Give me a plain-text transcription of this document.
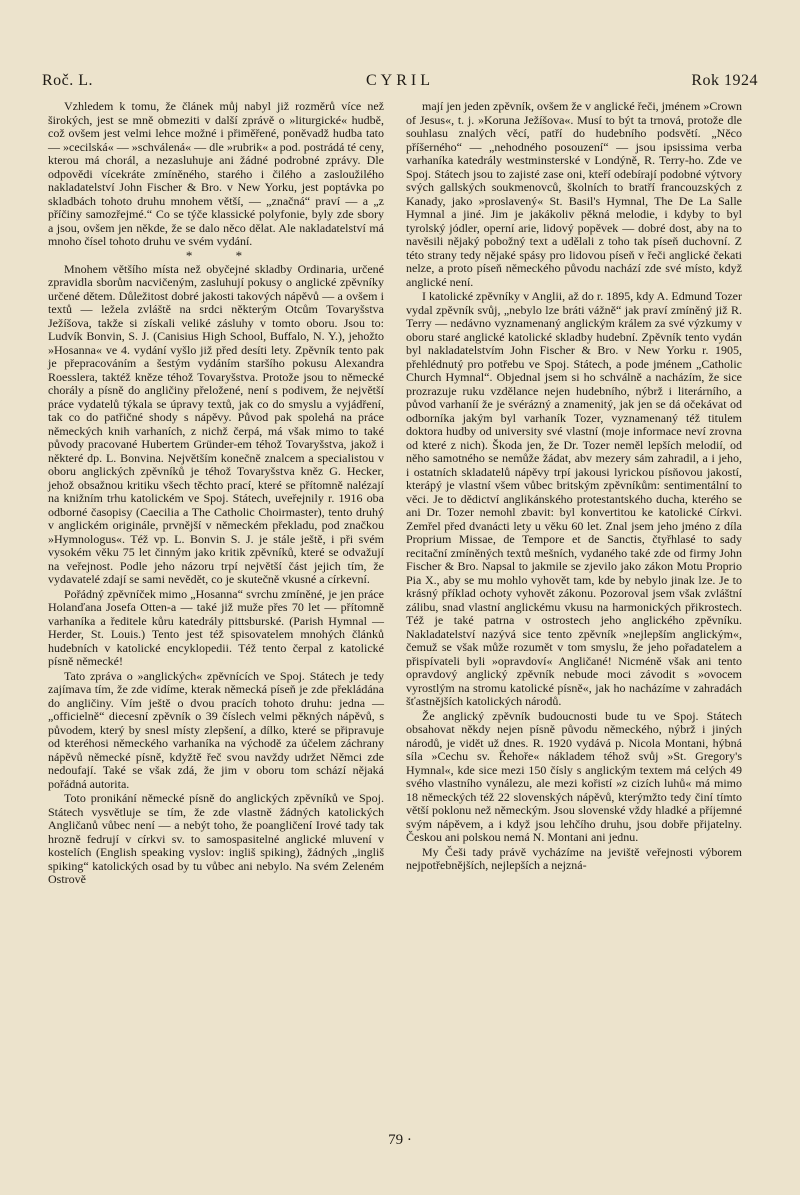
Roč. L.	CYRIL	Rok 1924

Vzhledem k tomu, že článek můj nabyl již rozměrů více než širokých, jest se mně obmeziti v další zprávě o »liturgické« hudbě, což ovšem jest velmi lehce možné i přiměřené, poněvadž hudba tato — »cecilská« — »schválená« — dle »rubrik« a pod. postrádá té ceny, kterou má chorál, a nezasluhuje ani žádné podrobné zprávy. Dle odpovědi vícekráte zmíněného, starého i čilého a zasloužilého nakladatelství John Fischer & Bro. v New Yorku, jest poptávka po skladbách tohoto druhu mnohem větší, — „značná“ praví — a „z příčiny samozřejmé.“ Co se týče klassické polyfonie, byly zde sbory a jsou, ovšem jen někde, že se dalo něco dělat. Ale nakladatelství má mnoho čísel tohoto druhu ve svém vydání.

* *

Mnohem většího místa než obyčejné skladby Ordinaria, určené zpravidla sborům nacvičeným, zasluhují pokusy o anglické zpěvníky určené dětem. Důležitost dobré jakosti takových nápěvů — a ovšem i textů — ležela zvláště na srdci některým Otcům Tovaryšstva Ježíšova, takže si získali veliké zásluhy v tomto oboru. Jsou to: Ludvík Bonvin, S. J. (Canisius High School, Buffalo, N. Y.), jehožto »Hosanna« ve 4. vydání vyšlo již před desíti lety. Zpěvník tento pak je přepracováním a šestým vydáním staršího pokusu Alexandra Roesslera, taktéž kněze téhož Tovaryšstva. Protože jsou to německé chorály a písně do angličiny přeložené, není s podivem, že největší práce vydatelů týkala se úpravy textů, jak co do smyslu a vyjádření, tak co do patřičné shody s nápěvy. Původ pak spolehá na práce německých knih varhaních, z nichž čerpá, má však mimo to také původy pracované Hubertem Gründer-em téhož Tovaryšstva, jakož i některé dp. L. Bonvina. Největším konečně znalcem a specialistou v oboru anglických zpěvníků je téhož Tovaryšstva kněz G. Hecker, jehož obsažnou kritiku všech těchto prací, které se přítomně nalézají na knižním trhu katolickém ve Spoj. Státech, uveřejnily r. 1916 oba odborné časopisy (Caecilia a The Catholic Choirmaster), tento druhý v anglickém originále, prvnější v německém překladu, pod značkou »Hymnologus«. Též vp. L. Bonvin S. J. je stále ještě, i při svém vysokém věku 75 let činným jako kritik zpěvníků, které se odvažují na veřejnost. Podle jeho názoru trpí největší část jejich tím, že vydavatelé zdají se sami nevědět, co je skutečně vkusné a církevní.

Pořádný zpěvníček mimo „Hosanna“ svrchu zmíněné, je jen práce Holanďana Josefa Otten-a — také již muže přes 70 let — přítomně varhaníka a ředitele kůru katedrály pittsburské. (Parish Hymnal — Herder, St. Louis.) Tento jest též spisovatelem mnohých článků hudebních v katolické encyklopedii. Též tento čerpal z katolické písně německé!

Tato zpráva o »anglických« zpěvnících ve Spoj. Státech je tedy zajímava tím, že zde vidíme, kterak německá píseň je zde překládána do angličiny. Vím ještě o dvou pracích tohoto druhu: jedna — „officielně“ diecesní zpěvník o 39 číslech velmi pěkných nápěvů, s původem, který by snesl místy zlepšení, a dílko, které se připravuje od kteréhosi německého varhaníka na východě za účelem záchrany nápěvů německé písně, kdyžtě řeč svou navždy udržet Němci zde nedoufají. Také se však zdá, že jim v oboru tom schází nějaká pořádná autorita.

Toto pronikání německé písně do anglických zpěvníků ve Spoj. Státech vysvětluje se tím, že zde vlastně žádných katolických Angličanů vůbec není — a nebýt toho, že poangličení Irové tady tak hrozně fedrují v církvi sv. to samospasitelné anglické mluvení v kostelích (English speaking vyslov: ingliš spiking), žádných „ingliš spiking“ katolických osad by tu vůbec ani nebylo. Na svém Zeleném Ostrově

mají jen jeden zpěvník, ovšem že v anglické řeči, jménem »Crown of Jesus«, t. j. »Koruna Ježíšova«. Musí to být ta trnová, protože dle souhlasu znalých věcí, patří do hudebního podsvětí. „Něco příšerného“ — „nehodného posouzení“ — jsou ipsissima verba varhaníka katedrály westminsterské v Londýně, R. Terry-ho. Zde ve Spoj. Státech jsou to zajisté zase oni, kteří odebírají podobné výtvory svých gallských soukmenovců, školních to bratří francouzských z Kanady, jako »proslavený« St. Basil's Hymnal, The De La Salle Hymnal a jiné. Jim je jakákoliv pěkná melodie, i kdyby to byl tyrolský jódler, operní arie, lidový popěvek — dobré dost, aby na to navěsili nějaký pobožný text a udělali z toho tak píseň duchovní. Z této strany tedy nějaké spásy pro lidovou píseň v řeči anglické čekati nelze, a proto píseň německého původu nachází zde své místo, když anglické není.

I katolické zpěvníky v Anglii, až do r. 1895, kdy A. Edmund Tozer vydal zpěvník svůj, „nebylo lze bráti vážně“ jak praví zmíněný již R. Terry — nedávno vyznamenaný anglickým králem za své výzkumy v oboru staré anglické katolické skladby hudební. Zpěvník tento vydán byl nakladatelstvím John Fischer & Bro. v New Yorku r. 1905, přehlédnutý pro potřebu ve Spoj. Státech, a pode jménem „Catholic Church Hymnal“. Objednal jsem si ho schválně a nacházím, že sice prozrazuje ruku vzdělance nejen hudebního, nýbrž i literárního, a původ varhaníí že je svérázný a znamenitý, jak jen se dá očekávat od odborníka jakým byl varhaník Tozer, vyznamenaný též titulem doktora hudby od university své vlastní (moje informace neví zrovna od které z nich). Škoda jen, že Dr. Tozer neměl lepších melodií, od něho samotného se nemůže žádat, abv mezery sám zahradil, a i jeho, i ostatních skladatelů nápěvy trpí jakousi lyrickou písňovou jakostí, kterápý je vlastní všem vůbec britským zpěvníkům: sentimentální to věci. Je to dědictví anglikánského protestantského ducha, kterého se ani Dr. Tozer nemohl zbavit: byl konvertitou ke katolické Církvi. Zemřel před dvanácti lety u věku 60 let. Znal jsem jeho jméno z díla Proprium Missae, de Tempore et de Sanctis, čtyřhlasé to sady recitační zmíněných textů mešních, vydaného také zde od firmy John Fischer & Bro. Napsal to jakmile se zjevilo jako zákon Motu Proprio Pia X., aby se mu mohlo vyhovět tam, kde by nebylo jinak lze. Je to krásný příklad ochoty vyhovět zákonu. Pozoroval jsem však zvláštní zálibu, snad vlastní anglickému vkusu na harmonických přikrostech. Též je také patrna v ostrostech jeho anglického zpěvníku. Nakladatelství nazývá sice tento zpěvník »nejlepším anglickým«, čemuž se však může rozumět v tom smyslu, že jeho pořadatelem a přispívateli byli »opravdoví« Angličané! Nicméně však ani tento opravdový anglický zpěvník nebude moci závodit s »ovocem vyrostlým na stromu katolické písně«, jak ho nacházíme v zahradách šťastnějších katolických národů.

Že anglický zpěvník budoucnosti bude tu ve Spoj. Státech obsahovat někdy nejen písně původu německého, nýbrž i jiných národů, je vidět už dnes. R. 1920 vydává p. Nicola Montani, hýbná síla »Cechu sv. Řehoře« nákladem téhož svůj »St. Gregory's Hymnal«, kde sice mezi 150 čísly s anglickým textem má celých 49 svého vlastního vynálezu, ale mezi kořistí »z cizích luhů« má mimo 18 německých též 22 slovenských nápěvů, kterýmžto tedy činí tímto větší poklonu než německým. Jsou slovenské vždy hladké a příjemné svým nápěvem, a i když jsou lehčího druhu, jsou dobře přijatelny. Českou ani polskou nemá N. Montani ani jednu.

My Češi tady právě vycházíme na jeviště veřejnosti výborem nejpotřebnějších, nejlepších a nejzná-

79 ·
